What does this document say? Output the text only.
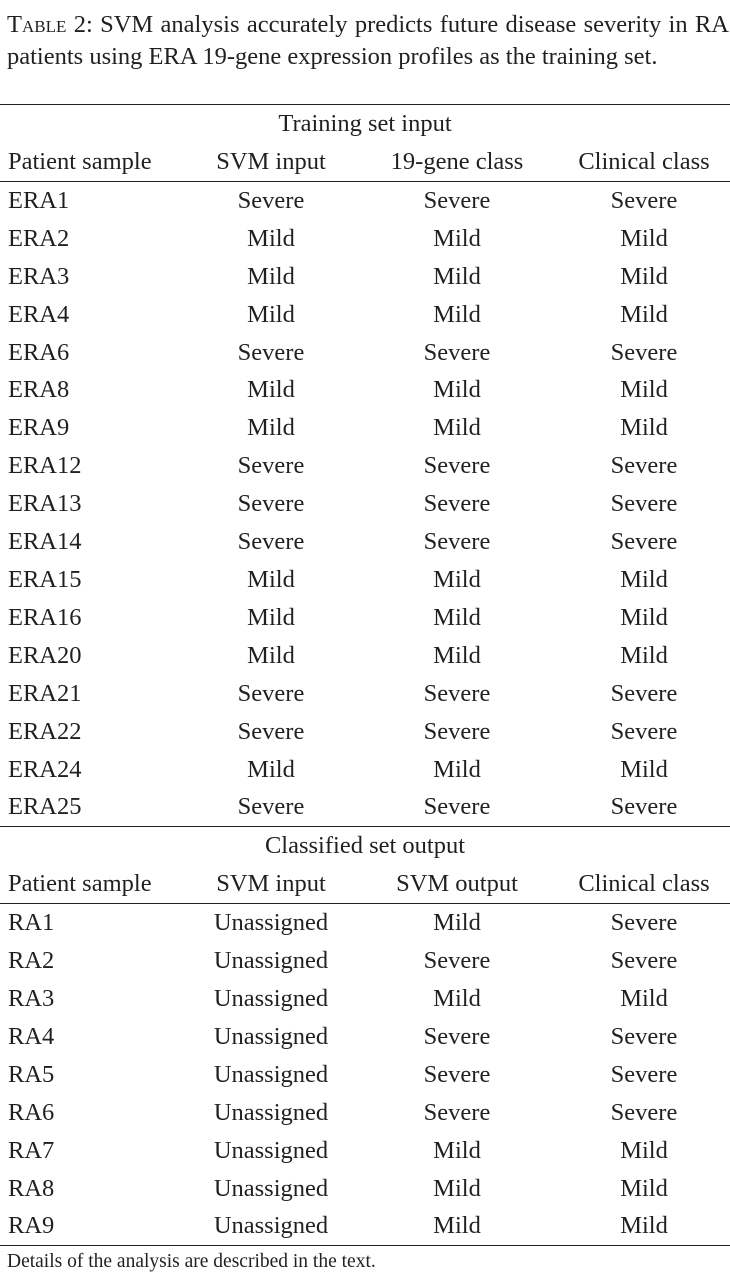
Table 2: SVM analysis accurately predicts future disease severity in RA patients using ERA 19-gene expression profiles as the training set.
Training set input			
Patient sample	SVM input	19-gene class	Clinical class
ERA1	Severe	Severe	Severe
ERA2	Mild	Mild	Mild
ERA3	Mild	Mild	Mild
ERA4	Mild	Mild	Mild
ERA6	Severe	Severe	Severe
ERA8	Mild	Mild	Mild
ERA9	Mild	Mild	Mild
ERA12	Severe	Severe	Severe
ERA13	Severe	Severe	Severe
ERA14	Severe	Severe	Severe
ERA15	Mild	Mild	Mild
ERA16	Mild	Mild	Mild
ERA20	Mild	Mild	Mild
ERA21	Severe	Severe	Severe
ERA22	Severe	Severe	Severe
ERA24	Mild	Mild	Mild
ERA25	Severe	Severe	Severe
Classified set output			
Patient sample	SVM input	SVM output	Clinical class
RA1	Unassigned	Mild	Severe
RA2	Unassigned	Severe	Severe
RA3	Unassigned	Mild	Mild
RA4	Unassigned	Severe	Severe
RA5	Unassigned	Severe	Severe
RA6	Unassigned	Severe	Severe
RA7	Unassigned	Mild	Mild
RA8	Unassigned	Mild	Mild
RA9	Unassigned	Mild	Mild
Details of the analysis are described in the text.
